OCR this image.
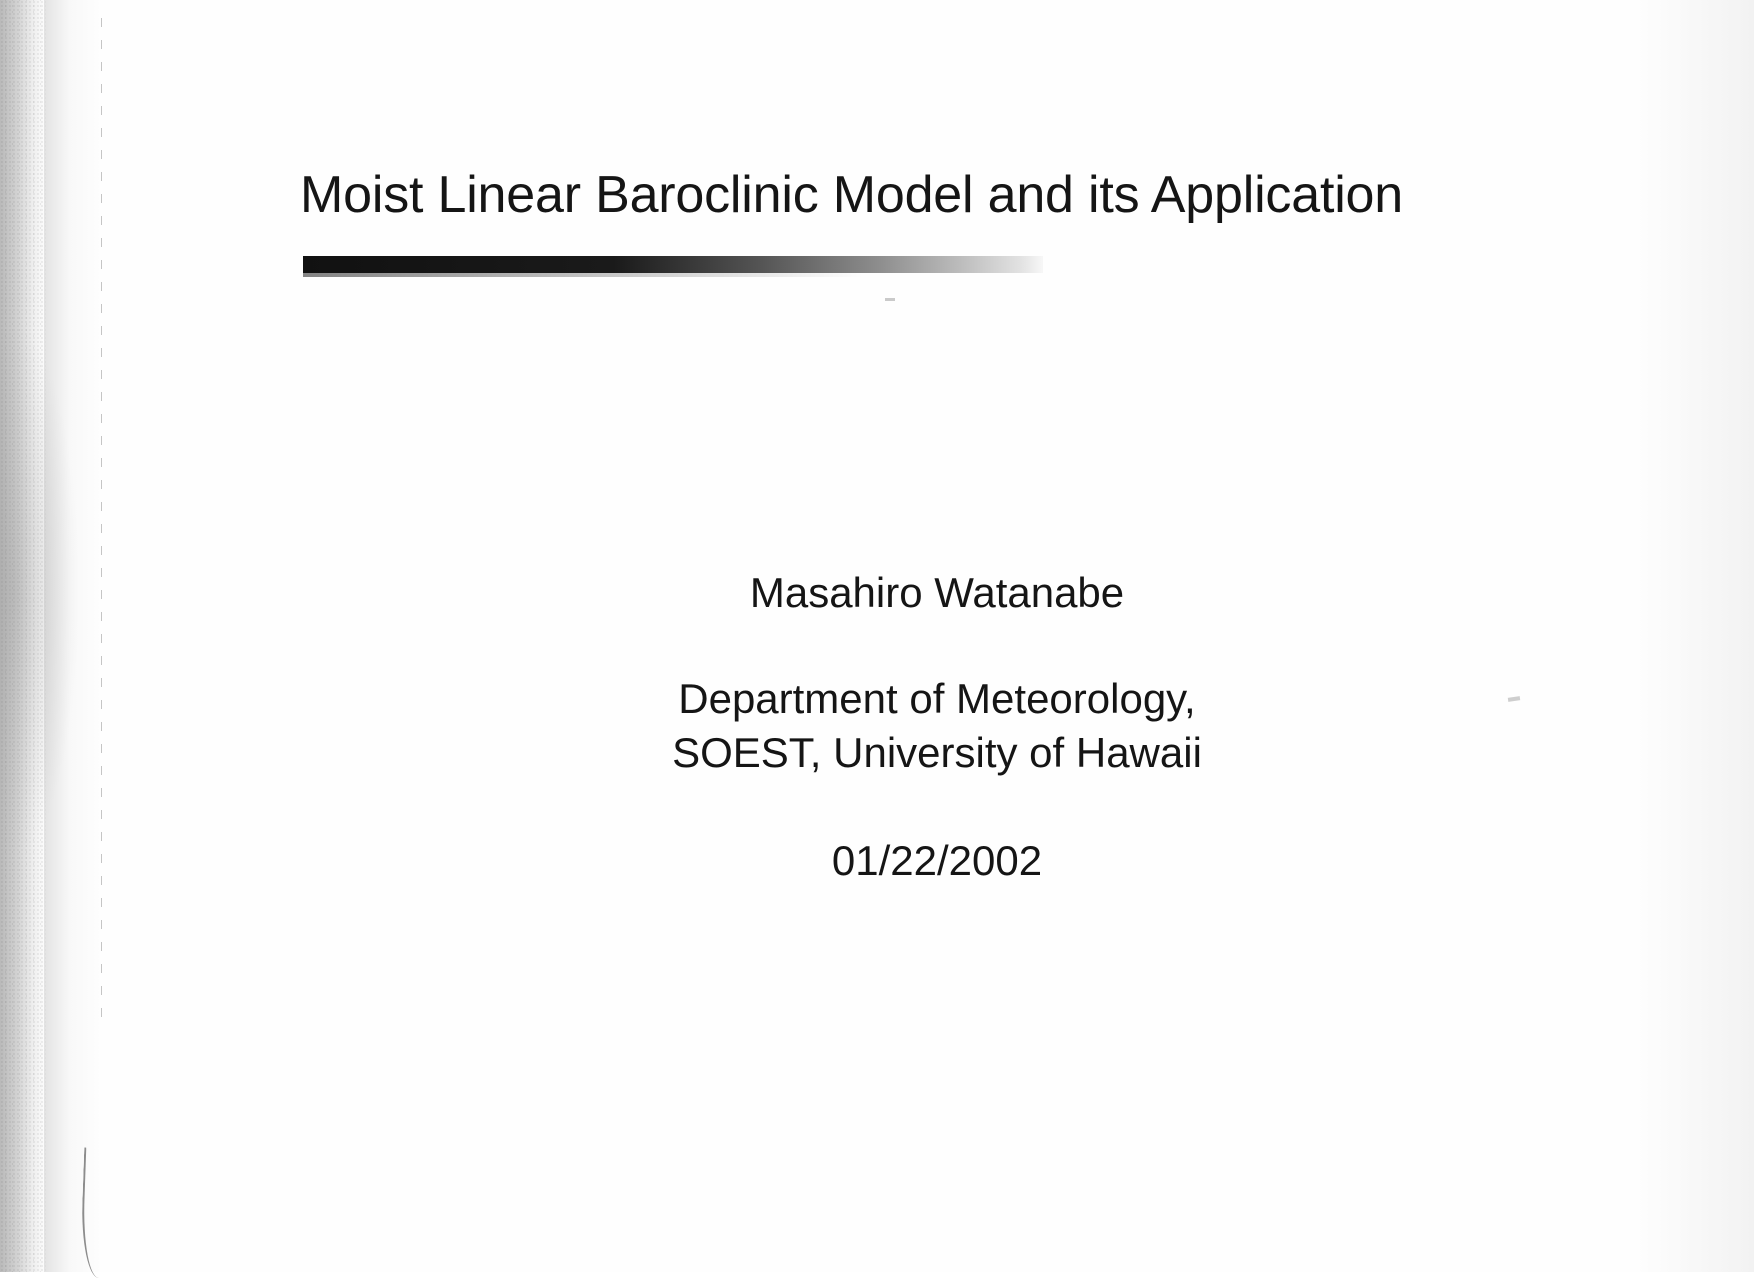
Moist Linear Baroclinic Model and its Application
Masahiro Watanabe
Department of Meteorology,
SOEST, University of Hawaii
01/22/2002
